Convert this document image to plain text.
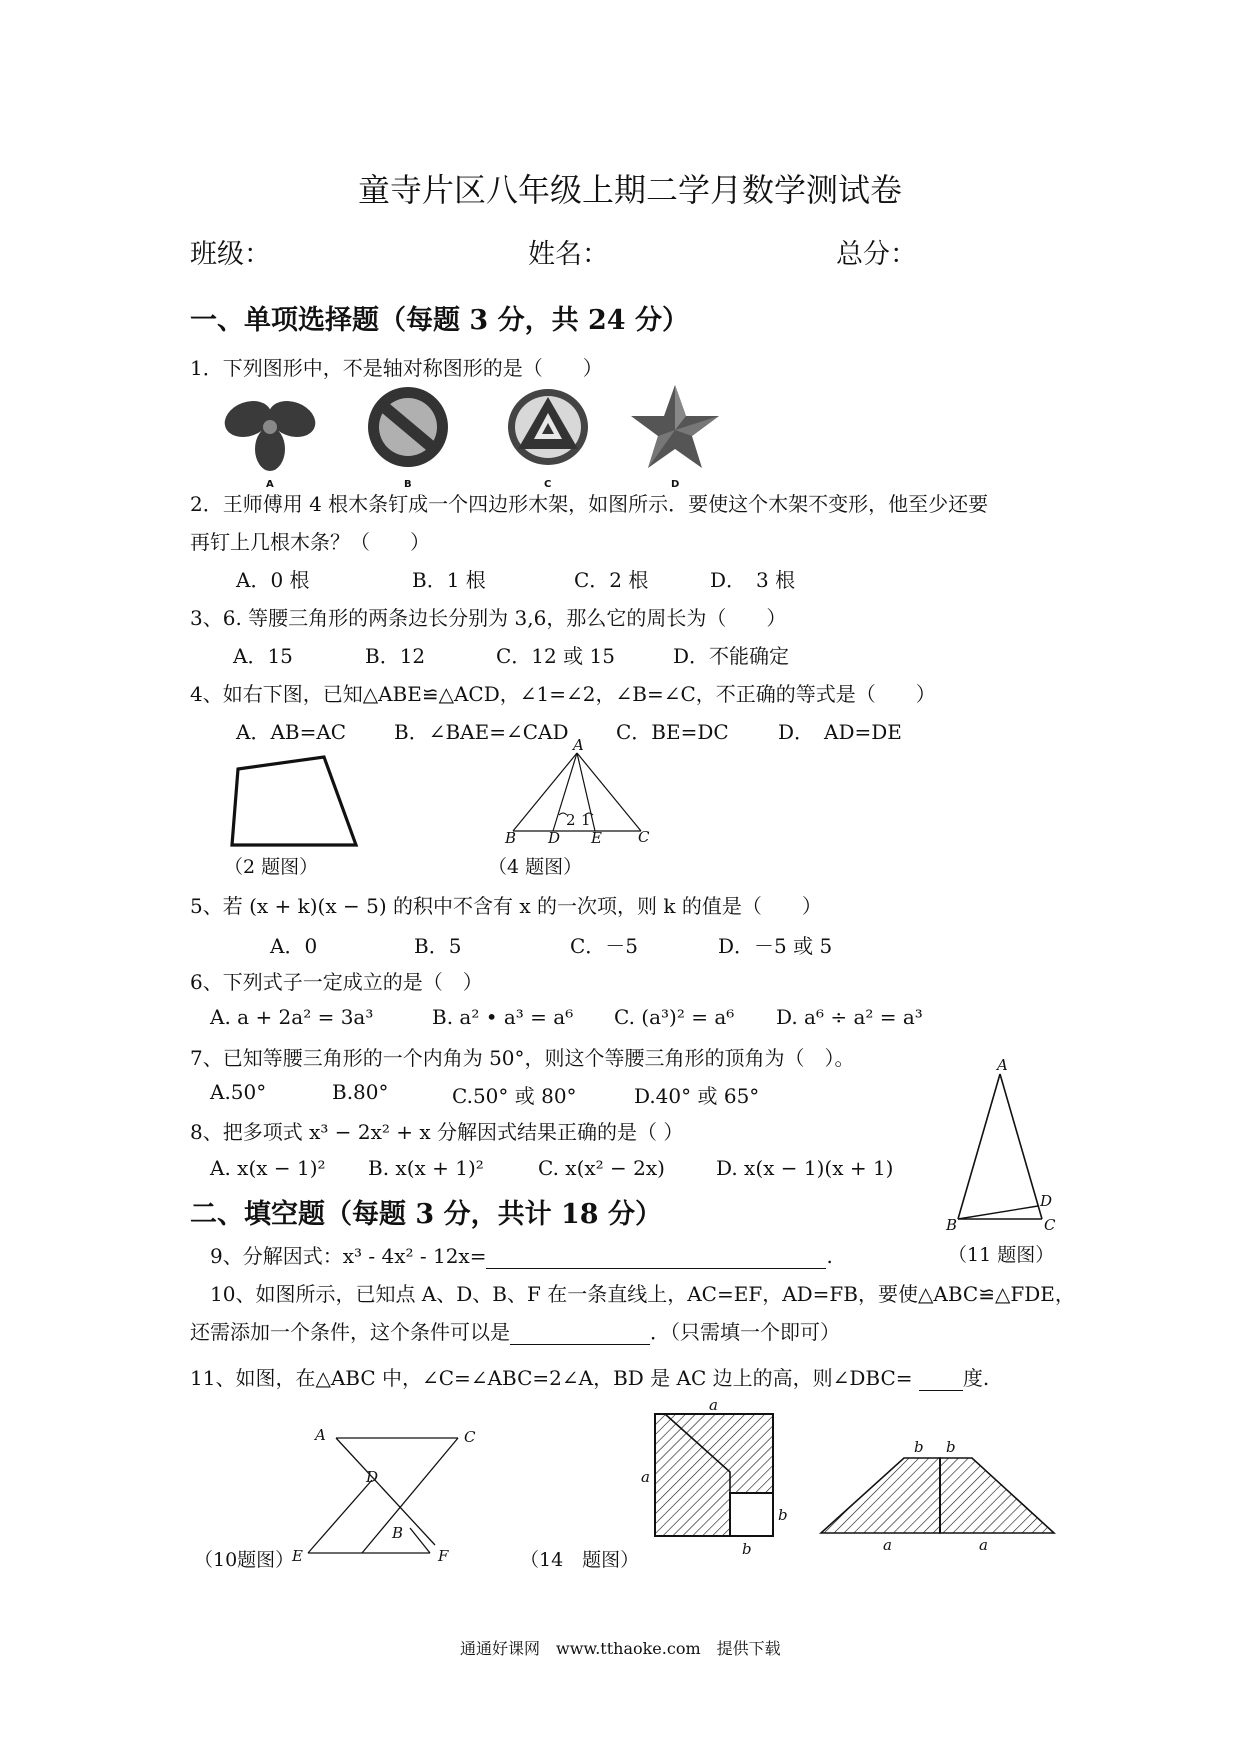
童寺片区八年级上期二学月数学测试卷
班级：	姓名：	总分：
一、单项选择题（每题 3 分，共 24 分）
1．下列图形中，不是轴对称图形的是（　　）
A	B	C	D
2．王师傅用 4 根木条钉成一个四边形木架，如图所示．要使这个木架不变形，他至少还要
再钉上几根木条？（　　）
A．0 根	B．1 根	C．2 根	D．　3 根
3、6. 等腰三角形的两条边长分别为 3,6，那么它的周长为（　　）
A．15	B．12	C．12 或 15	D．不能确定
4、如右下图，已知△ABE≌△ACD，∠1=∠2，∠B=∠C，不正确的等式是（　　）
A．AB=AC B．∠BAE=∠CAD C．BE=DC D．　AD=DE
（2 题图）
A
B D E C
2 1
（4 题图）
5、若 (x + k)(x − 5) 的积中不含有 x 的一次项，则 k 的值是（　　）
A．0	B．5	C．－5	D．－5 或 5
6、下列式子一定成立的是（　）
A. a + 2a² = 3a³	B. a² • a³ = a⁶ C. (a³)² = a⁶ D. a⁶ ÷ a² = a³
7、已知等腰三角形的一个内角为 50°，则这个等腰三角形的顶角为（　）。
A.50°	B.80°	C.50° 或 80°	D.40° 或 65°
8、把多项式 x³ − 2x² + x 分解因式结果正确的是（ ）
A. x(x − 1)² B. x(x + 1)²	C. x(x² − 2x)	D. x(x − 1)(x + 1)
A
B	C
D
二、填空题（每题 3 分，共计 18 分）
（11 题图）
9、分解因式：x³ - 4x² - 12x=	.
10、如图所示，已知点 A、D、B、F 在一条直线上，AC=EF，AD=FB，要使△ABC≌△FDE，
还需添加一个条件，这个条件可以是	．（只需填一个即可）
11、如图，在△ABC 中，∠C=∠ABC=2∠A，BD 是 AC 边上的高，则∠DBC=	度.
A	C
D
B
E	F
（10题图）	（14　题图）
a
a
b
b
b b
a	a
通通好课网　www.tthaoke.com　提供下载
